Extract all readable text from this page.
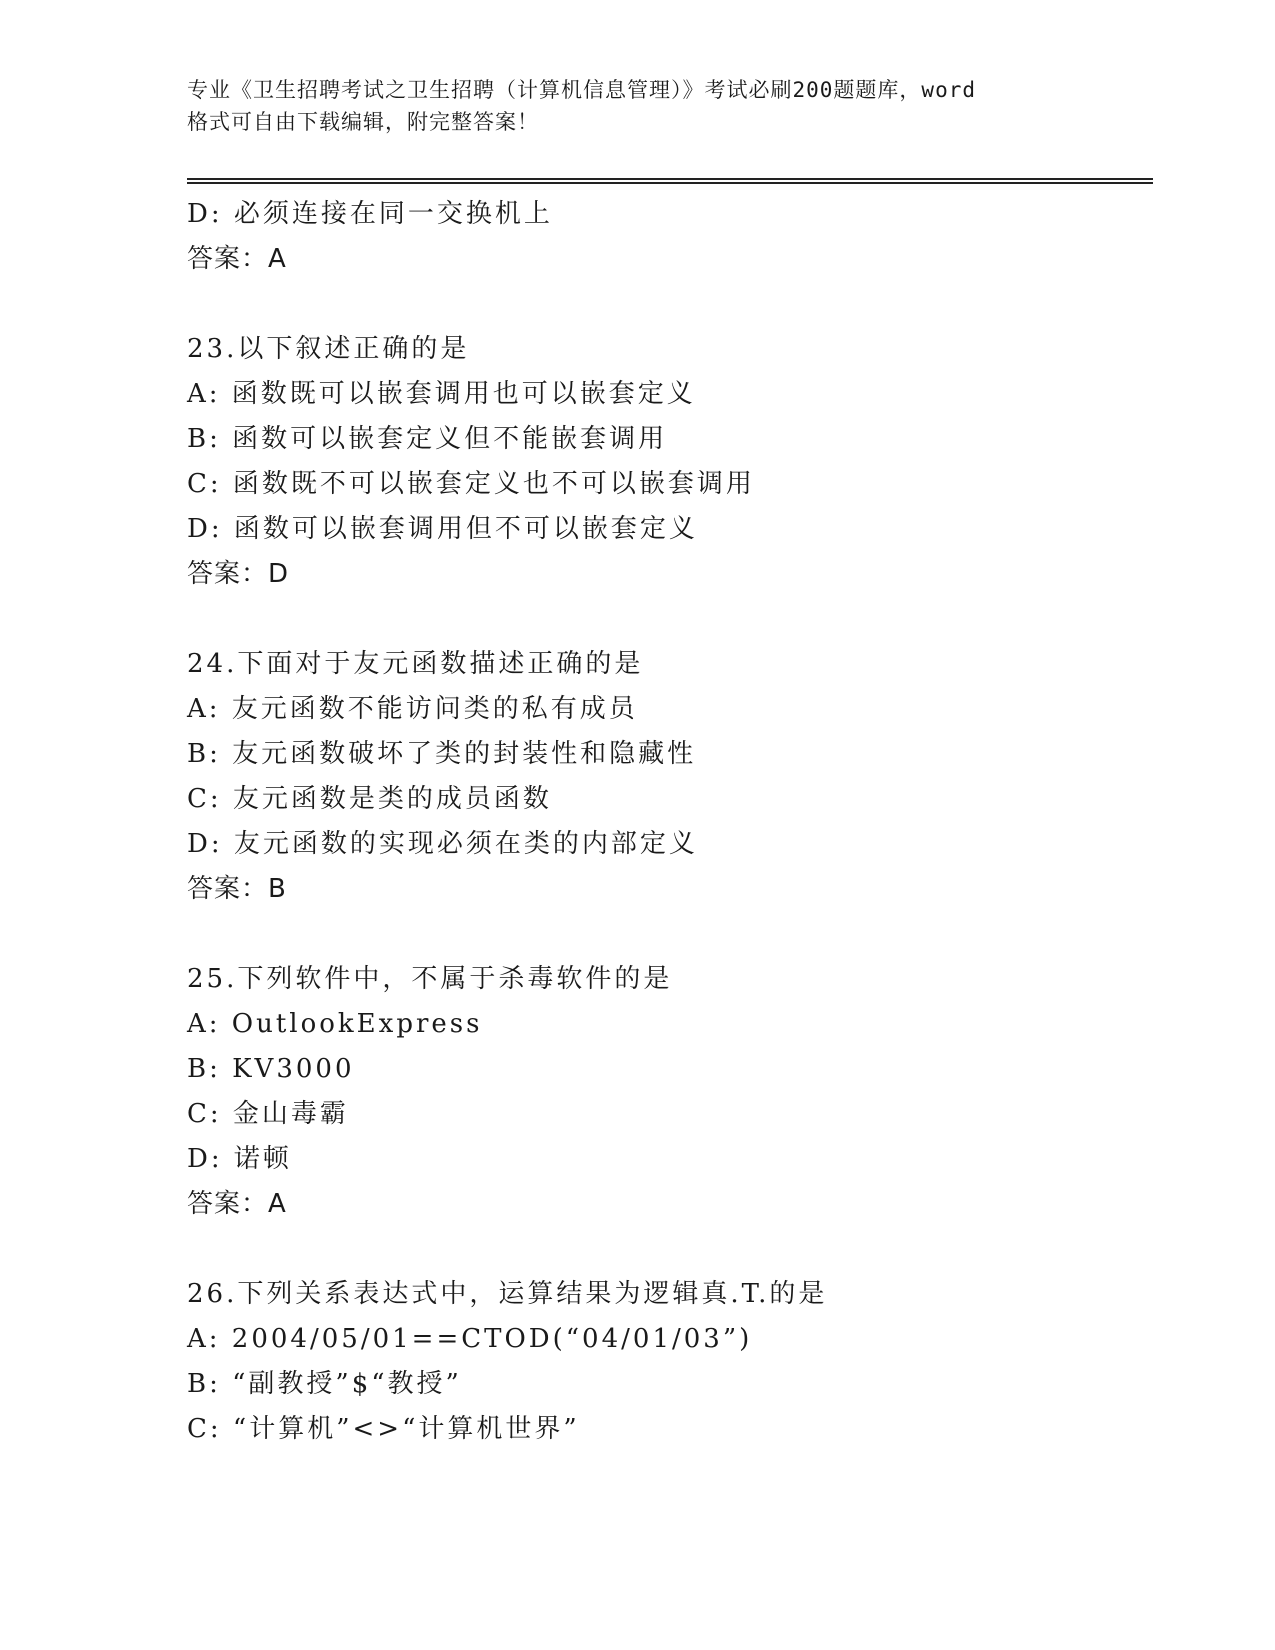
专业《卫生招聘考试之卫生招聘（计算机信息管理）》考试必刷200题题库，word
格式可自由下载编辑，附完整答案！
D: 必须连接在同一交换机上
答案：A
23.以下叙述正确的是
A: 函数既可以嵌套调用也可以嵌套定义
B: 函数可以嵌套定义但不能嵌套调用
C: 函数既不可以嵌套定义也不可以嵌套调用
D: 函数可以嵌套调用但不可以嵌套定义
答案：D
24.下面对于友元函数描述正确的是
A: 友元函数不能访问类的私有成员
B: 友元函数破坏了类的封装性和隐藏性
C: 友元函数是类的成员函数
D: 友元函数的实现必须在类的内部定义
答案：B
25.下列软件中，不属于杀毒软件的是
A: OutlookExpress
B: KV3000
C: 金山毒霸
D: 诺顿
答案：A
26.下列关系表达式中，运算结果为逻辑真.T.的是
A: 2004/05/01==CTOD(“04/01/03”)
B: “副教授”$“教授”
C: “计算机”<>“计算机世界”
